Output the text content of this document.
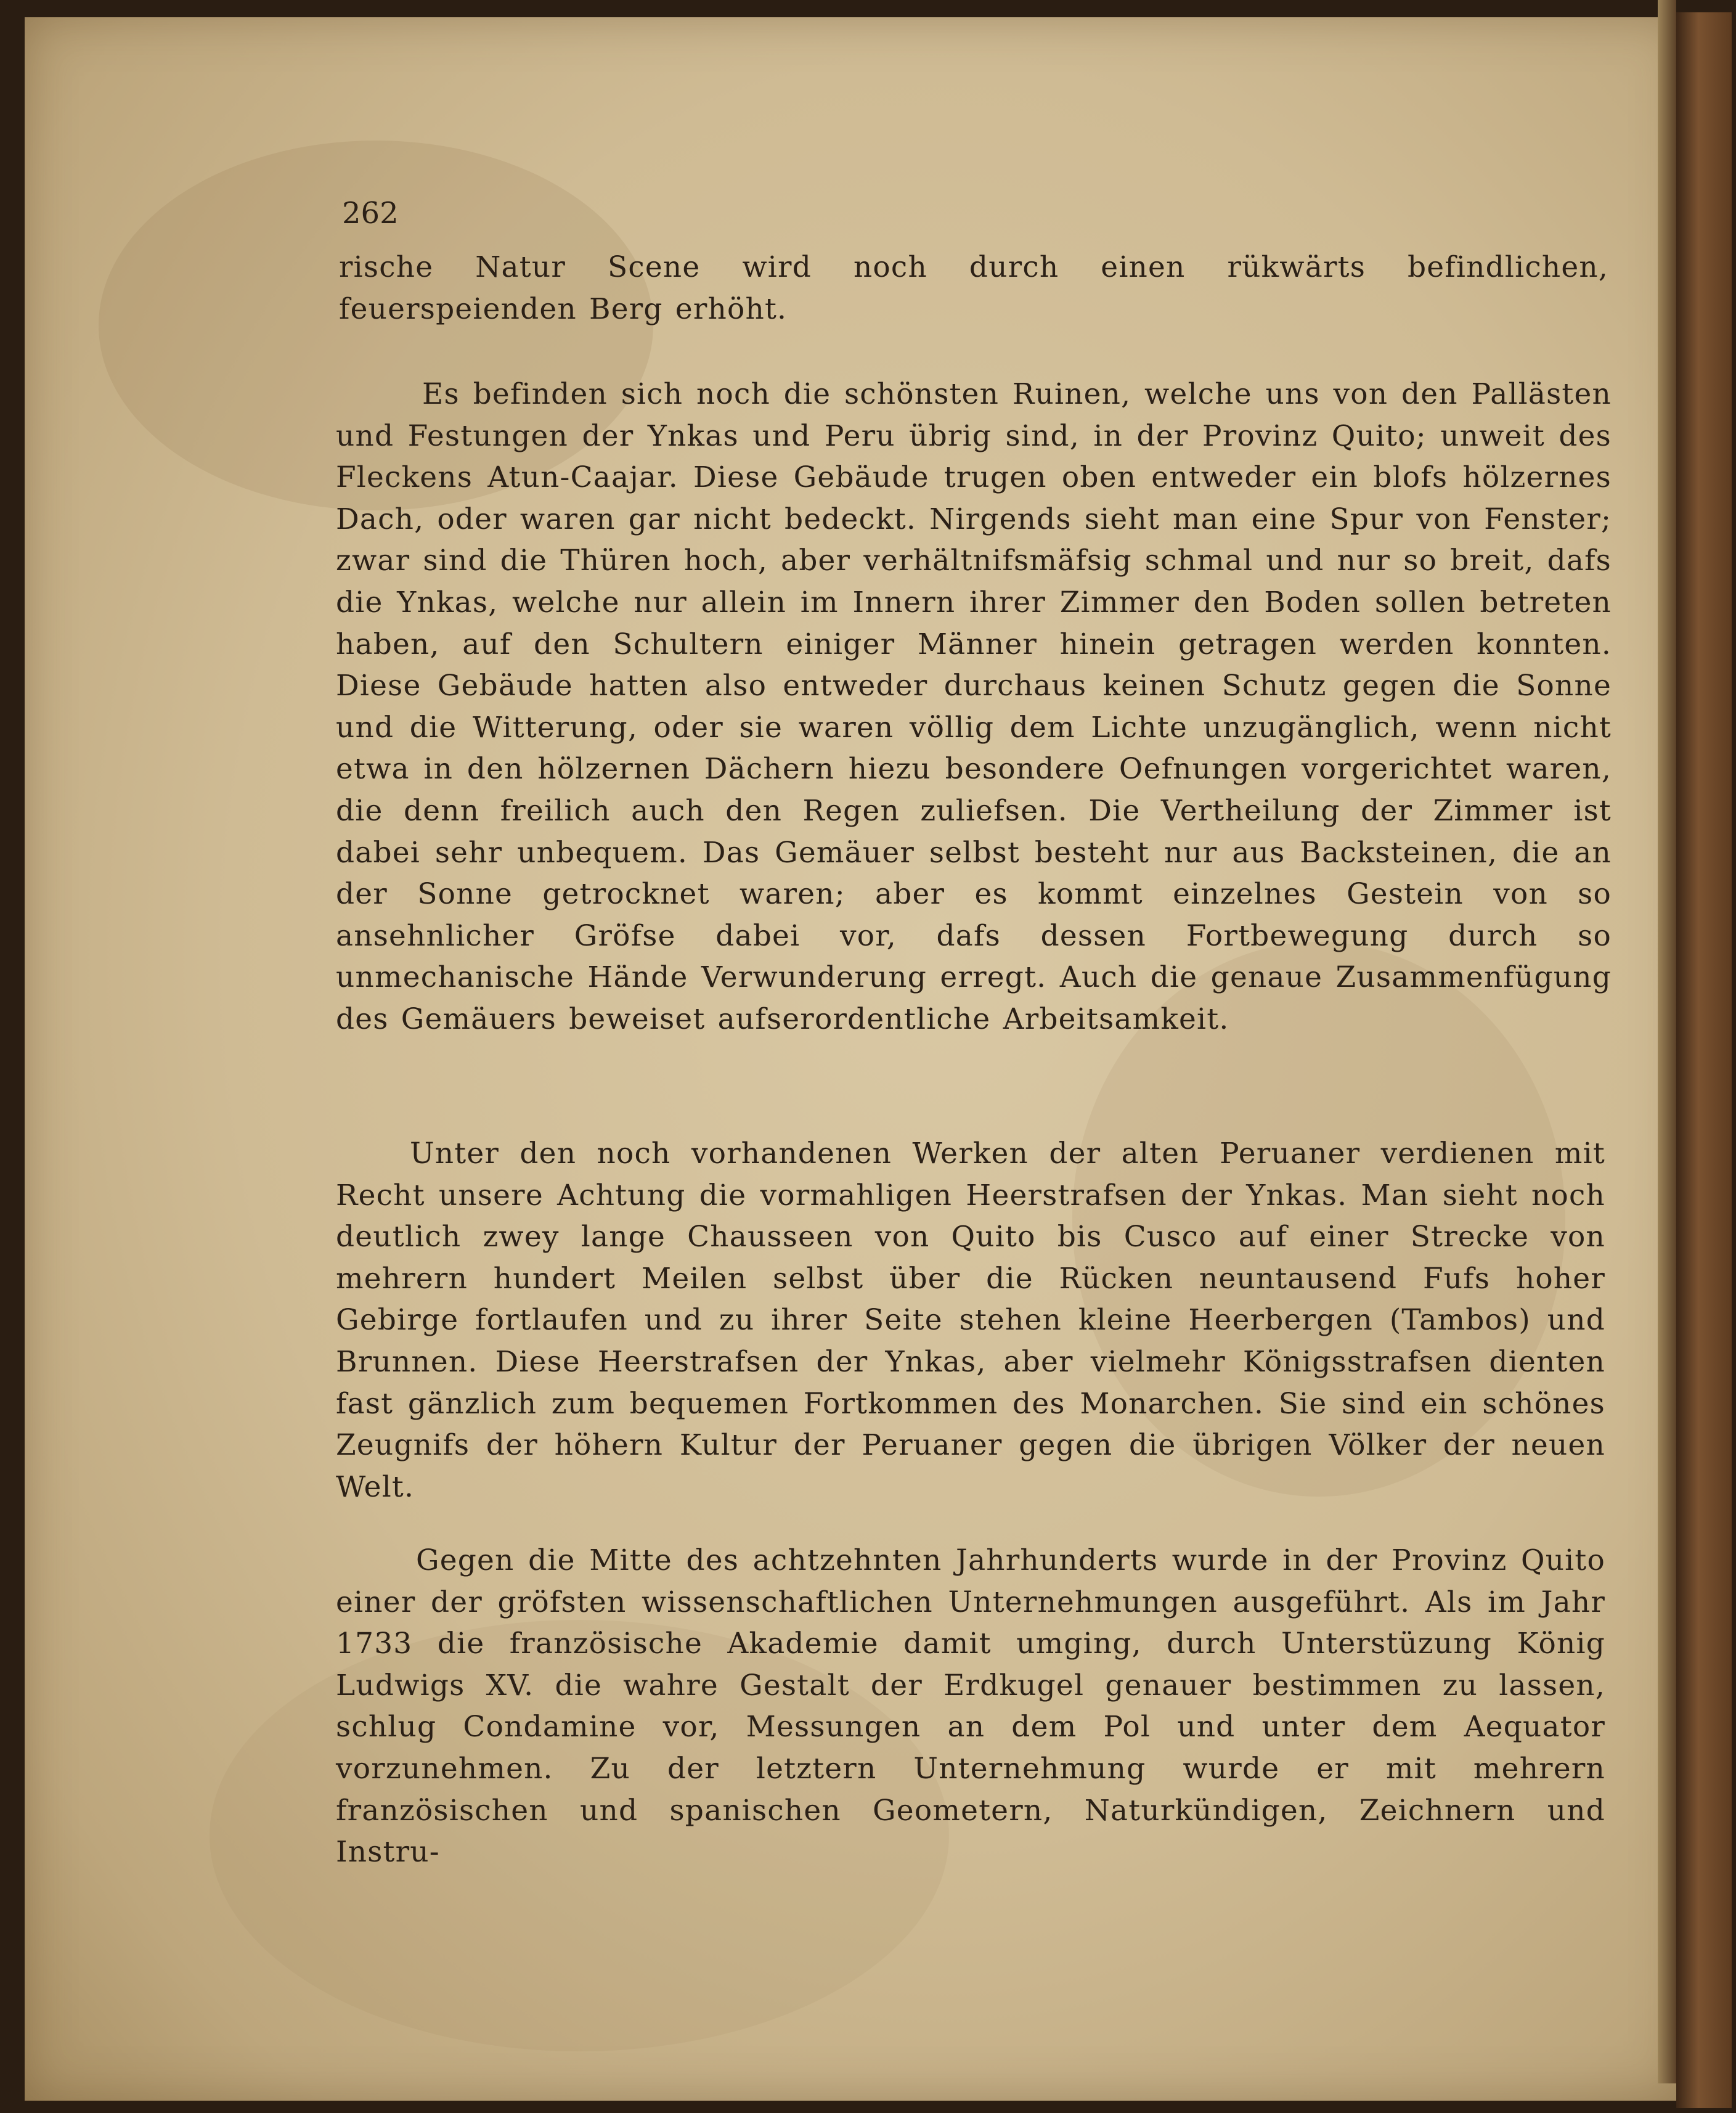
262

rische Natur Scene wird noch durch einen rükwärts befindlichen, feuerspeienden Berg erhöht.

Es befinden sich noch die schönsten Ruinen, welche uns von den Pallästen und Festungen der Ynkas und Peru übrig sind, in der Provinz Quito; unweit des Fleckens Atun-Caajar. Diese Gebäude trugen oben entweder ein blofs hölzernes Dach, oder waren gar nicht bedeckt. Nirgends sieht man eine Spur von Fenster; zwar sind die Thüren hoch, aber verhältnifsmäfsig schmal und nur so breit, dafs die Ynkas, welche nur allein im Innern ihrer Zimmer den Boden sollen betreten haben, auf den Schultern einiger Männer hinein getragen werden konnten. Diese Gebäude hatten also entweder durchaus keinen Schutz gegen die Sonne und die Witterung, oder sie waren völlig dem Lichte unzugänglich, wenn nicht etwa in den hölzernen Dächern hiezu besondere Oefnungen vorgerichtet waren, die denn freilich auch den Regen zuliefsen. Die Vertheilung der Zimmer ist dabei sehr unbequem. Das Gemäuer selbst besteht nur aus Backsteinen, die an der Sonne getrocknet waren; aber es kommt einzelnes Gestein von so ansehnlicher Gröfse dabei vor, dafs dessen Fortbewegung durch so unmechanische Hände Verwunderung erregt. Auch die genaue Zusammenfügung des Gemäuers beweiset aufserordentliche Arbeitsamkeit.

Unter den noch vorhandenen Werken der alten Peruaner verdienen mit Recht unsere Achtung die vormahligen Heerstrafsen der Ynkas. Man sieht noch deutlich zwey lange Chausseen von Quito bis Cusco auf einer Strecke von mehrern hundert Meilen selbst über die Rücken neuntausend Fufs hoher Gebirge fortlaufen und zu ihrer Seite stehen kleine Heerbergen (Tambos) und Brunnen. Diese Heerstrafsen der Ynkas, aber vielmehr Königsstrafsen dienten fast gänzlich zum bequemen Fortkommen des Monarchen. Sie sind ein schönes Zeugnifs der höhern Kultur der Peruaner gegen die übrigen Völker der neuen Welt.

Gegen die Mitte des achtzehnten Jahrhunderts wurde in der Provinz Quito einer der gröfsten wissenschaftlichen Unternehmungen ausgeführt. Als im Jahr 1733 die französische Akademie damit umging, durch Unterstüzung König Ludwigs XV. die wahre Gestalt der Erdkugel genauer bestimmen zu lassen, schlug Condamine vor, Messungen an dem Pol und unter dem Aequator vorzunehmen. Zu der letztern Unternehmung wurde er mit mehrern französischen und spanischen Geometern, Naturkündigen, Zeichnern und Instru-
